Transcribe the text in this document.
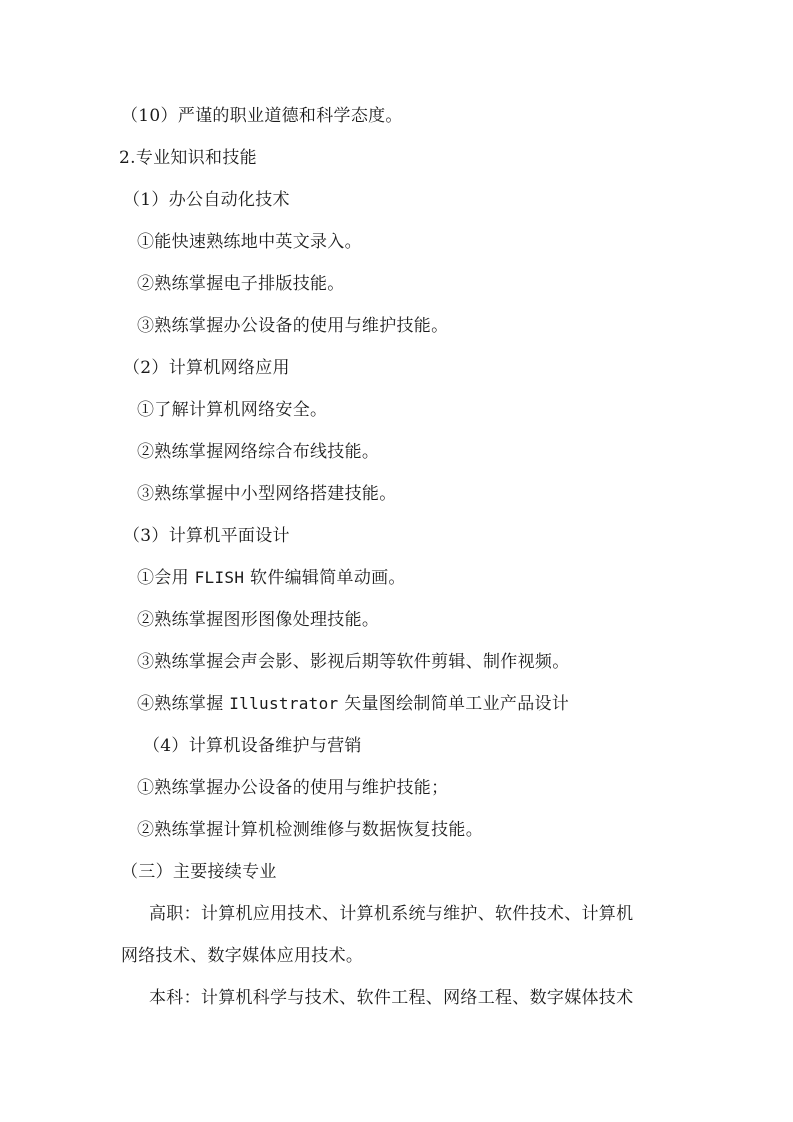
（10）严谨的职业道德和科学态度。
2.专业知识和技能
（1）办公自动化技术
①能快速熟练地中英文录入。
②熟练掌握电子排版技能。
③熟练掌握办公设备的使用与维护技能。
（2）计算机网络应用
①了解计算机网络安全。
②熟练掌握网络综合布线技能。
③熟练掌握中小型网络搭建技能。
（3）计算机平面设计
①会用 FLISH 软件编辑简单动画。
②熟练掌握图形图像处理技能。
③熟练掌握会声会影、影视后期等软件剪辑、制作视频。
④熟练掌握 Illustrator 矢量图绘制简单工业产品设计
（4）计算机设备维护与营销
①熟练掌握办公设备的使用与维护技能；
②熟练掌握计算机检测维修与数据恢复技能。
（三）主要接续专业
高职：计算机应用技术、计算机系统与维护、软件技术、计算机
网络技术、数字媒体应用技术。
本科：计算机科学与技术、软件工程、网络工程、数字媒体技术
